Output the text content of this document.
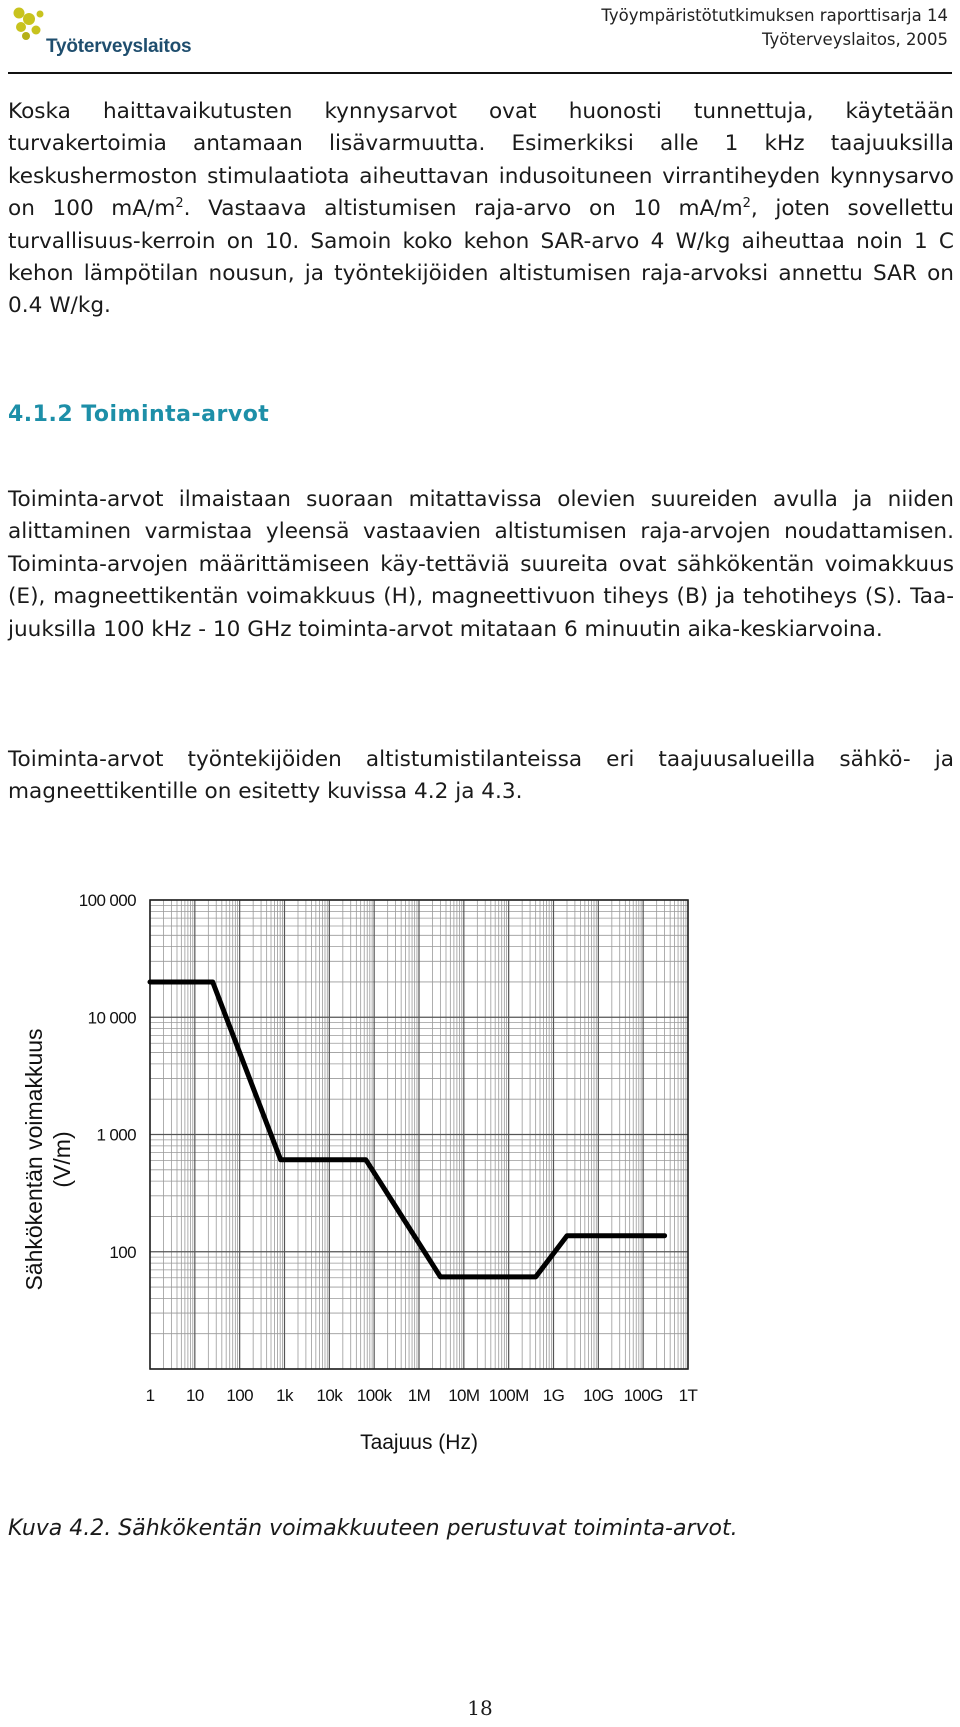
Työterveyslaitos
Työympäristötutkimuksen raporttisarja 14
Työterveyslaitos, 2005

Koska haittavaikutusten kynnysarvot ovat huonosti tunnettuja, käytetään turvakertoimia antamaan lisävarmuutta. Esimerkiksi alle 1 kHz taajuuksilla keskushermoston stimulaatiota aiheuttavan indusoituneen virrantiheyden kynnysarvo on 100 $mA/m^2$. Vastaava altistumisen raja-arvo on 10 $mA/m^2$, joten sovellettu turvallisuus-kerroin on 10. Samoin koko kehon SAR-arvo 4 W/kg aiheuttaa noin 1 C kehon lämpötilan nousun, ja työntekijöiden altistumisen raja-arvoksi annettu SAR on 0.4 W/kg.

4.1.2 Toiminta-arvot

Toiminta-arvot ilmaistaan suoraan mitattavissa olevien suureiden avulla ja niiden alittaminen varmistaa yleensä vastaavien altistumisen raja-arvojen noudattamisen. Toiminta-arvojen määrittämiseen käy-tettäviä suureita ovat sähkökentän voimakkuus (E), magneettikentän voimakkuus (H), magneettivuon tiheys (B) ja tehotiheys (S). Taa-juuksilla 100 kHz - 10 GHz toiminta-arvot mitataan 6 minuutin aika-keskiarvoina.

Toiminta-arvot työntekijöiden altistumistilanteissa eri taajuusalueilla sähkö- ja magneettikentille on esitetty kuvissa 4.2 ja 4.3.

1 10 100 1k 10k 100k 1M 10M 100M 1G 10G 100G 1T
100
1 000
10 000
100 000
Taajuus (Hz)
Sähkökentän voimakkuus (V/m)

Kuva 4.2. Sähkökentän voimakkuuteen perustuvat toiminta-arvot.

18
